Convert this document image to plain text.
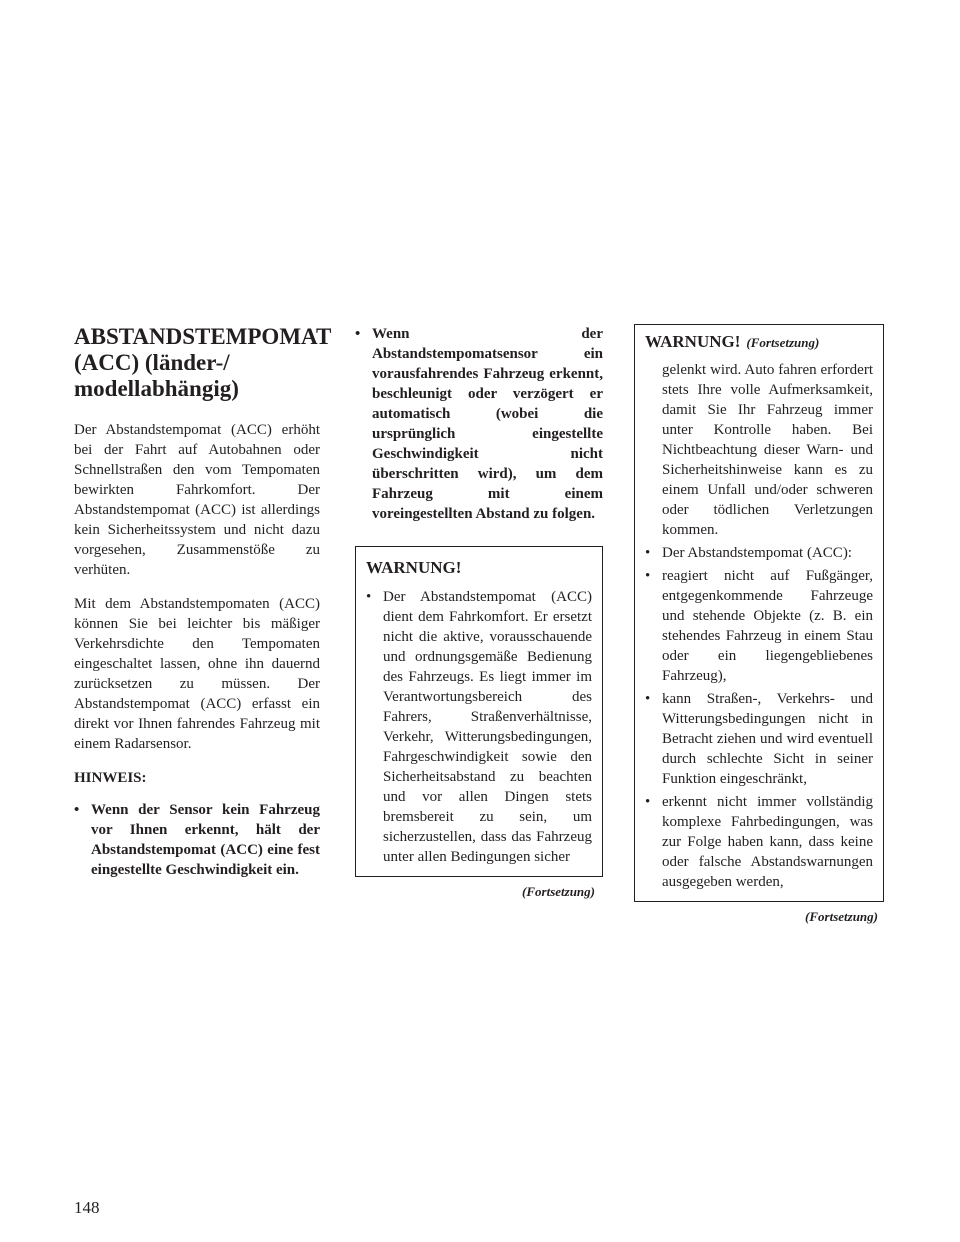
ABSTANDSTEMPOMAT
(ACC) (länder-/
modellabhängig)

Der Abstandstempomat (ACC) erhöht bei der Fahrt auf Autobahnen oder Schnellstraßen den vom Tempomaten bewirkten Fahrkomfort. Der Abstandstempomat (ACC) ist allerdings kein Sicherheitssystem und nicht dazu vorgesehen, Zusammenstöße zu verhüten.

Mit dem Abstandstempomaten (ACC) können Sie bei leichter bis mäßiger Verkehrsdichte den Tempomaten eingeschaltet lassen, ohne ihn dauernd zurücksetzen zu müssen. Der Abstandstempomat (ACC) erfasst ein direkt vor Ihnen fahrendes Fahrzeug mit einem Radarsensor.

HINWEIS:

• Wenn der Sensor kein Fahrzeug vor Ihnen erkennt, hält der Abstandstempomat (ACC) eine fest eingestellte Geschwindigkeit ein.
• Wenn der Abstandstempomatsensor ein vorausfahrendes Fahrzeug erkennt, beschleunigt oder verzögert er automatisch (wobei die ursprünglich eingestellte Geschwindigkeit nicht überschritten wird), um dem Fahrzeug mit einem voreingestellten Abstand zu folgen.
WARNUNG!
• Der Abstandstempomat (ACC) dient dem Fahrkomfort. Er ersetzt nicht die aktive, vorausschauende und ordnungsgemäße Bedienung des Fahrzeugs. Es liegt immer im Verantwortungsbereich des Fahrers, Straßenverhältnisse, Verkehr, Witterungsbedingungen, Fahrgeschwindigkeit sowie den Sicherheitsabstand zu beachten und vor allen Dingen stets bremsbereit zu sein, um sicherzustellen, dass das Fahrzeug unter allen Bedingungen sicher
(Fortsetzung)
WARNUNG! (Fortsetzung)
gelenkt wird. Auto fahren erfordert stets Ihre volle Aufmerksamkeit, damit Sie Ihr Fahrzeug immer unter Kontrolle haben. Bei Nichtbeachtung dieser Warn- und Sicherheitshinweise kann es zu einem Unfall und/oder schweren oder tödlichen Verletzungen kommen.
• Der Abstandstempomat (ACC):
• reagiert nicht auf Fußgänger, entgegenkommende Fahrzeuge und stehende Objekte (z. B. ein stehendes Fahrzeug in einem Stau oder ein liegengebliebenes Fahrzeug),
• kann Straßen-, Verkehrs- und Witterungsbedingungen nicht in Betracht ziehen und wird eventuell durch schlechte Sicht in seiner Funktion eingeschränkt,
• erkennt nicht immer vollständig komplexe Fahrbedingungen, was zur Folge haben kann, dass keine oder falsche Abstandswarnungen ausgegeben werden,
(Fortsetzung)
148
